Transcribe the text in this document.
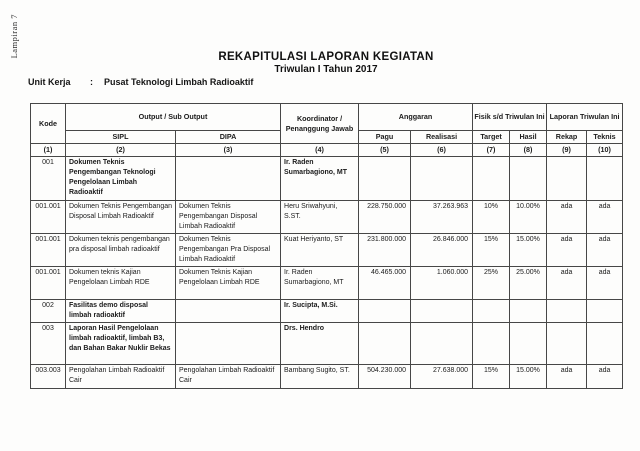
Lampiran 7	REKAPITULASI LAPORAN KEGIATAN
Triwulan I Tahun 2017
Unit Kerja	:	Pusat Teknologi Limbah Radioaktif
Kode	Output / Sub Output		Koordinator / Penanggung Jawab	Anggaran		Fisik s/d Triwulan Ini		Laporan Triwulan Ini	
	SIPL	DIPA		Pagu	Realisasi	Target	Hasil	Rekap	Teknis
(1)	(2)	(3)	(4)	(5)	(6)	(7)	(8)	(9)	(10)
001	Dokumen Teknis Pengembangan Teknologi Pengelolaan Limbah Radioaktif		Ir. Raden Sumarbagiono, MT						
001.001	Dokumen Teknis Pengembangan Disposal Limbah Radioaktif	Dokumen Teknis Pengembangan Disposal Limbah Radioaktif	Heru Sriwahyuni, S.ST.	228.750.000	37.263.963	10%	10.00%	ada	ada
001.001	Dokumen teknis pengembangan pra disposal limbah radioaktif	Dokumen Teknis Pengembangan Pra Disposal Limbah Radioaktif	Kuat Heriyanto, ST	231.800.000	26.846.000	15%	15.00%	ada	ada
001.001	Dokumen teknis Kajian Pengelolaan Limbah RDE	Dokumen Teknis Kajian Pengelolaan Limbah RDE	Ir. Raden Sumarbagiono, MT	46.465.000	1.060.000	25%	25.00%	ada	ada
002	Fasilitas demo disposal limbah radioaktif		Ir. Sucipta, M.Si.						
003	Laporan Hasil Pengelolaan limbah radioaktif, limbah B3, dan Bahan Bakar Nuklir Bekas		Drs. Hendro						
003.003	Pengolahan Limbah Radioaktif Cair	Pengolahan Limbah Radioaktif Cair	Bambang Sugito, ST.	504.230.000	27.638.000	15%	15.00%	ada	ada
